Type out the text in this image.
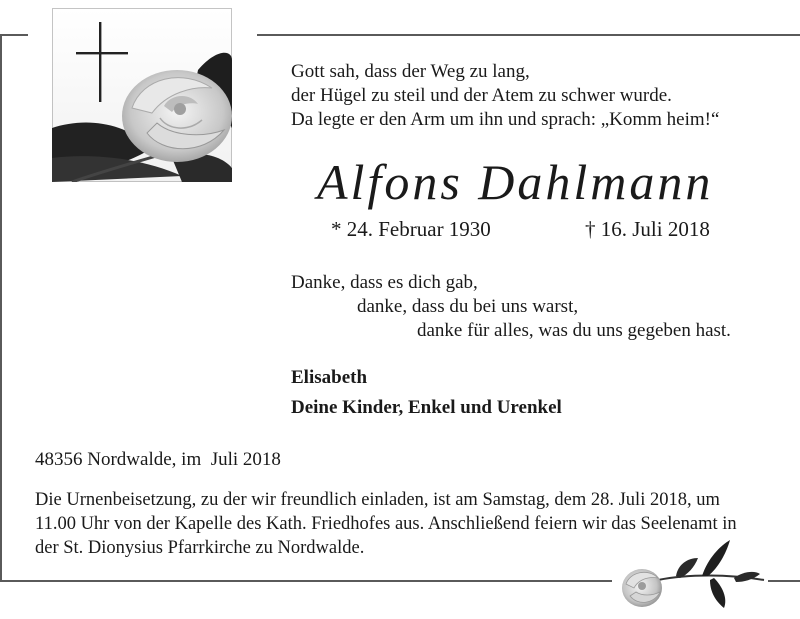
Gott sah, dass der Weg zu lang,
der Hügel zu steil und der Atem zu schwer wurde.
Da legte er den Arm um ihn und sprach: „Komm heim!“
Alfons Dahlmann
* 24. Februar 1930	† 16. Juli 2018
Danke, dass es dich gab,
danke, dass du bei uns warst,
danke für alles, was du uns gegeben hast.
Elisabeth
Deine Kinder, Enkel und Urenkel
48356 Nordwalde, im  Juli 2018
Die Urnenbeisetzung, zu der wir freundlich einladen, ist am Samstag, dem 28. Juli 2018, um
11.00 Uhr von der Kapelle des Kath. Friedhofes aus. Anschließend feiern wir das Seelenamt in
der St. Dionysius Pfarrkirche zu Nordwalde.
